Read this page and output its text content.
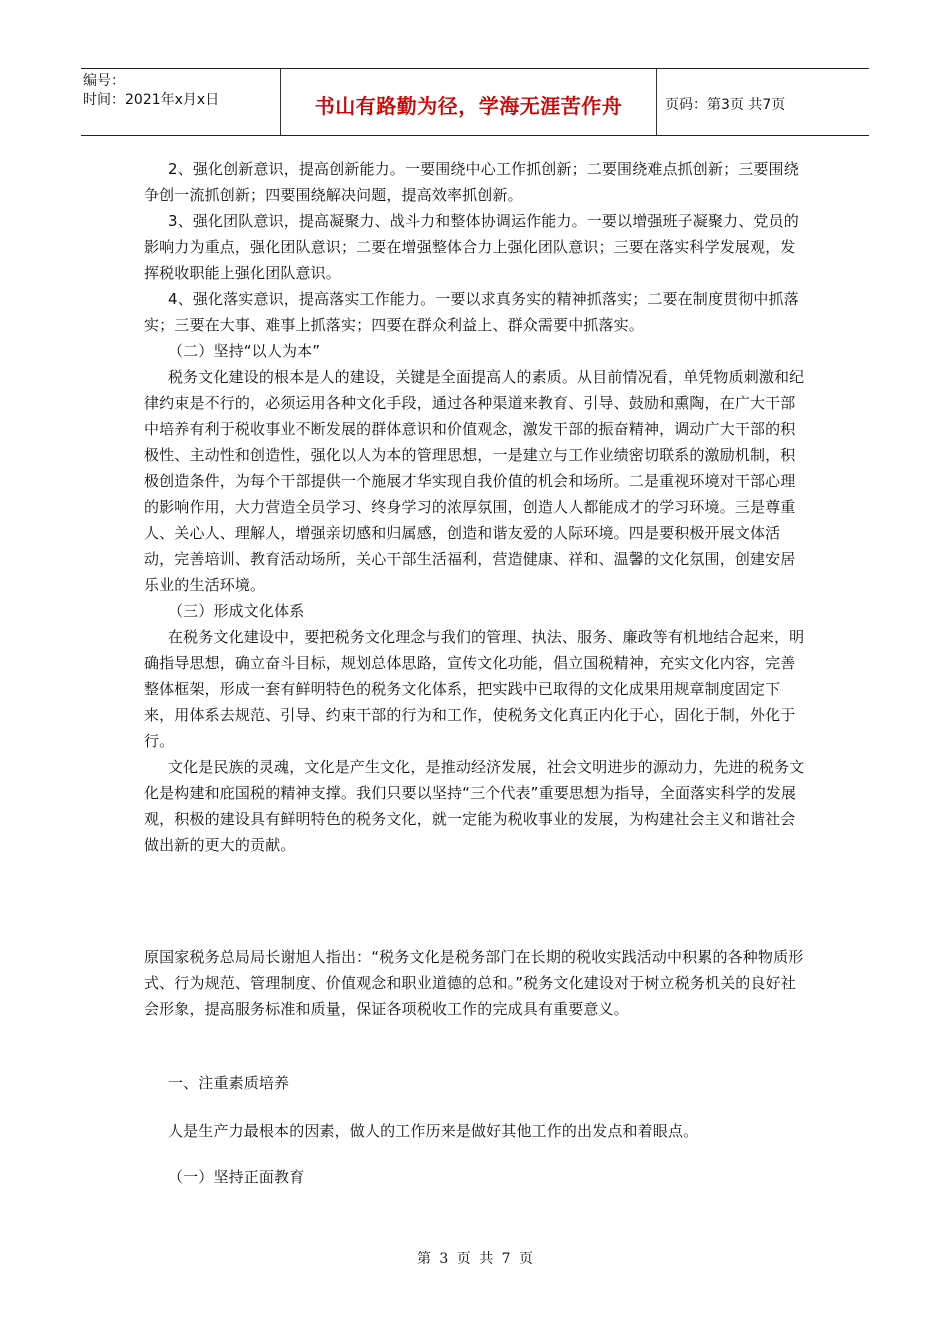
编号：
时间：2021年x月x日	书山有路勤为径，学海无涯苦作舟	页码：第3页 共7页

2、强化创新意识，提高创新能力。一要围绕中心工作抓创新；二要围绕难点抓创新；三要围绕争创一流抓创新；四要围绕解决问题，提高效率抓创新。

3、强化团队意识，提高凝聚力、战斗力和整体协调运作能力。一要以增强班子凝聚力、党员的影响力为重点，强化团队意识；二要在增强整体合力上强化团队意识；三要在落实科学发展观，发挥税收职能上强化团队意识。

4、强化落实意识，提高落实工作能力。一要以求真务实的精神抓落实；二要在制度贯彻中抓落实；三要在大事、难事上抓落实；四要在群众利益上、群众需要中抓落实。

（二）坚持“以人为本”

税务文化建设的根本是人的建设，关键是全面提高人的素质。从目前情况看，单凭物质刺激和纪律约束是不行的，必须运用各种文化手段，通过各种渠道来教育、引导、鼓励和熏陶，在广大干部中培养有利于税收事业不断发展的群体意识和价值观念，激发干部的振奋精神，调动广大干部的积极性、主动性和创造性，强化以人为本的管理思想，一是建立与工作业绩密切联系的激励机制，积极创造条件，为每个干部提供一个施展才华实现自我价值的机会和场所。二是重视环境对干部心理的影响作用，大力营造全员学习、终身学习的浓厚氛围，创造人人都能成才的学习环境。三是尊重人、关心人、理解人，增强亲切感和归属感，创造和谐友爱的人际环境。四是要积极开展文体活动，完善培训、教育活动场所，关心干部生活福利，营造健康、祥和、温馨的文化氛围，创建安居乐业的生活环境。

（三）形成文化体系

在税务文化建设中，要把税务文化理念与我们的管理、执法、服务、廉政等有机地结合起来，明确指导思想，确立奋斗目标，规划总体思路，宣传文化功能，倡立国税精神，充实文化内容，完善整体框架，形成一套有鲜明特色的税务文化体系，把实践中已取得的文化成果用规章制度固定下来，用体系去规范、引导、约束干部的行为和工作，使税务文化真正内化于心，固化于制，外化于行。

文化是民族的灵魂，文化是产生文化，是推动经济发展，社会文明进步的源动力，先进的税务文化是构建和庇国税的精神支撑。我们只要以坚持“三个代表”重要思想为指导，全面落实科学的发展观，积极的建设具有鲜明特色的税务文化，就一定能为税收事业的发展，为构建社会主义和谐社会做出新的更大的贡献。

原国家税务总局局长谢旭人指出：“税务文化是税务部门在长期的税收实践活动中积累的各种物质形式、行为规范、管理制度、价值观念和职业道德的总和。”税务文化建设对于树立税务机关的良好社会形象，提高服务标准和质量，保证各项税收工作的完成具有重要意义。

一、注重素质培养

人是生产力最根本的因素，做人的工作历来是做好其他工作的出发点和着眼点。

（一）坚持正面教育

第 3 页 共 7 页
